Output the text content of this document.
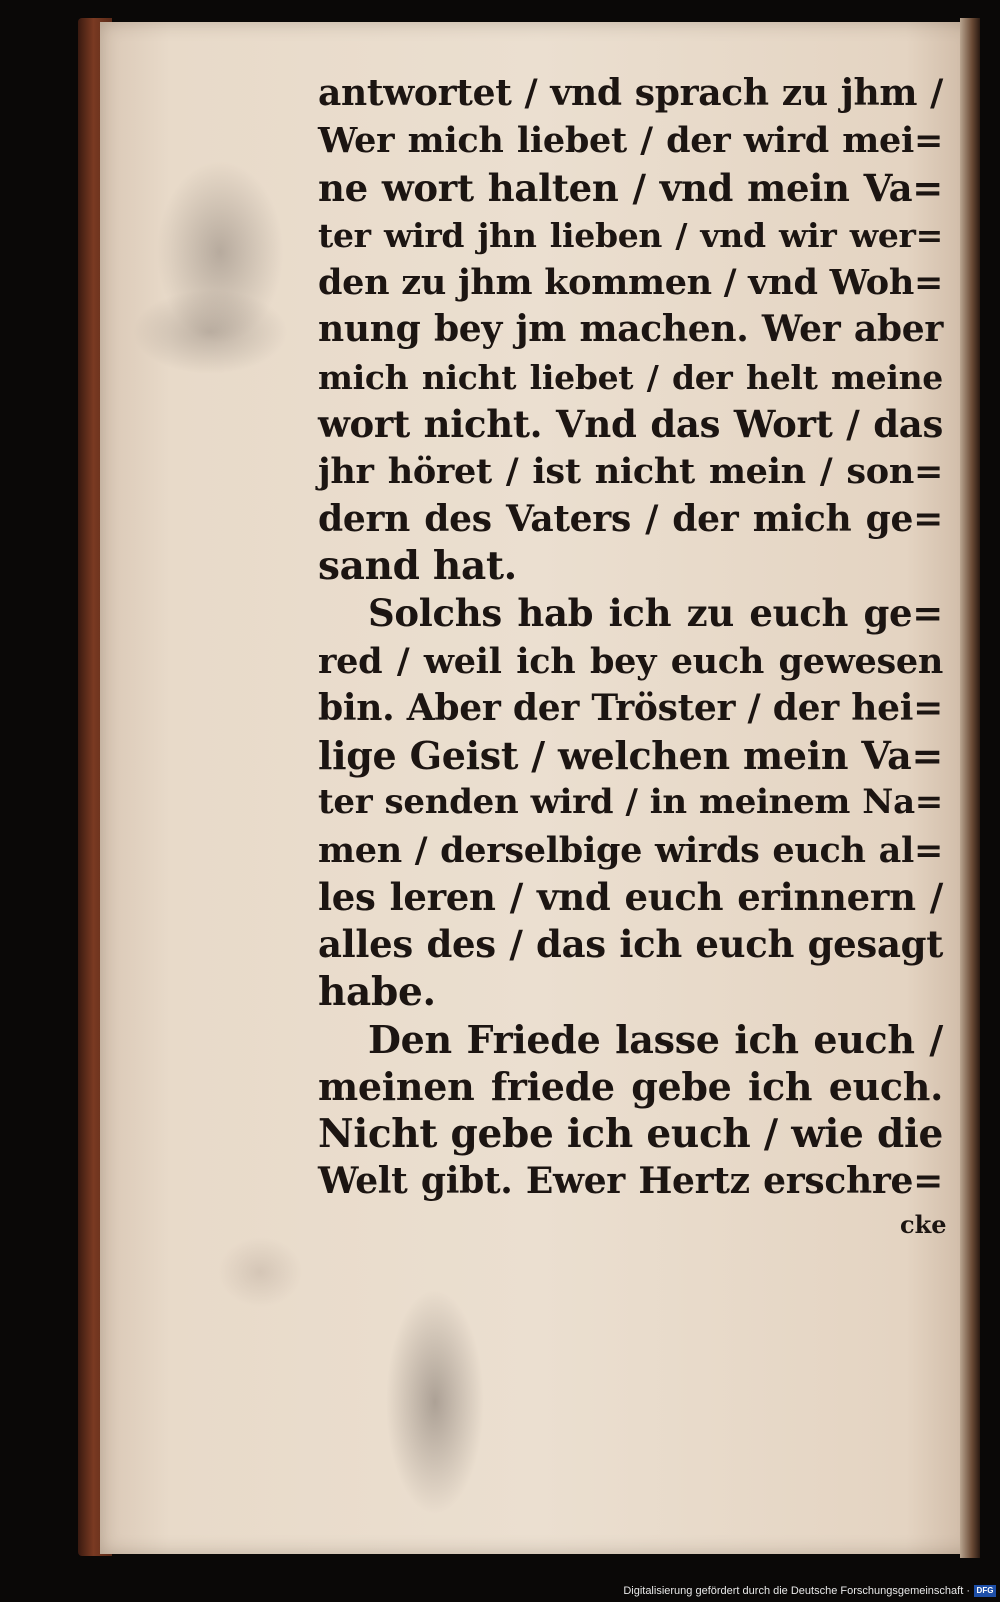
antwortet / vnd sprach zu jhm /
Wer mich liebet / der wird mei=
ne wort halten / vnd mein Va=
ter wird jhn lieben / vnd wir wer=
den zu jhm kommen / vnd Woh=
nung bey jm machen. Wer aber
mich nicht liebet / der helt meine
wort nicht. Vnd das Wort / das
jhr höret / ist nicht mein / son=
dern des Vaters / der mich ge=
sand hat.
Solchs hab ich zu euch ge=
red / weil ich bey euch gewesen
bin. Aber der Tröster / der hei=
lige Geist / welchen mein Va=
ter senden wird / in meinem Na=
men / derselbige wirds euch al=
les leren / vnd euch erinnern /
alles des / das ich euch gesagt
habe.
Den Friede lasse ich euch /
meinen friede gebe ich euch.
Nicht gebe ich euch / wie die
Welt gibt. Ewer Hertz erschre=
cke
Digitalisierung gefördert durch die Deutsche Forschungsgemeinschaft · DFG
